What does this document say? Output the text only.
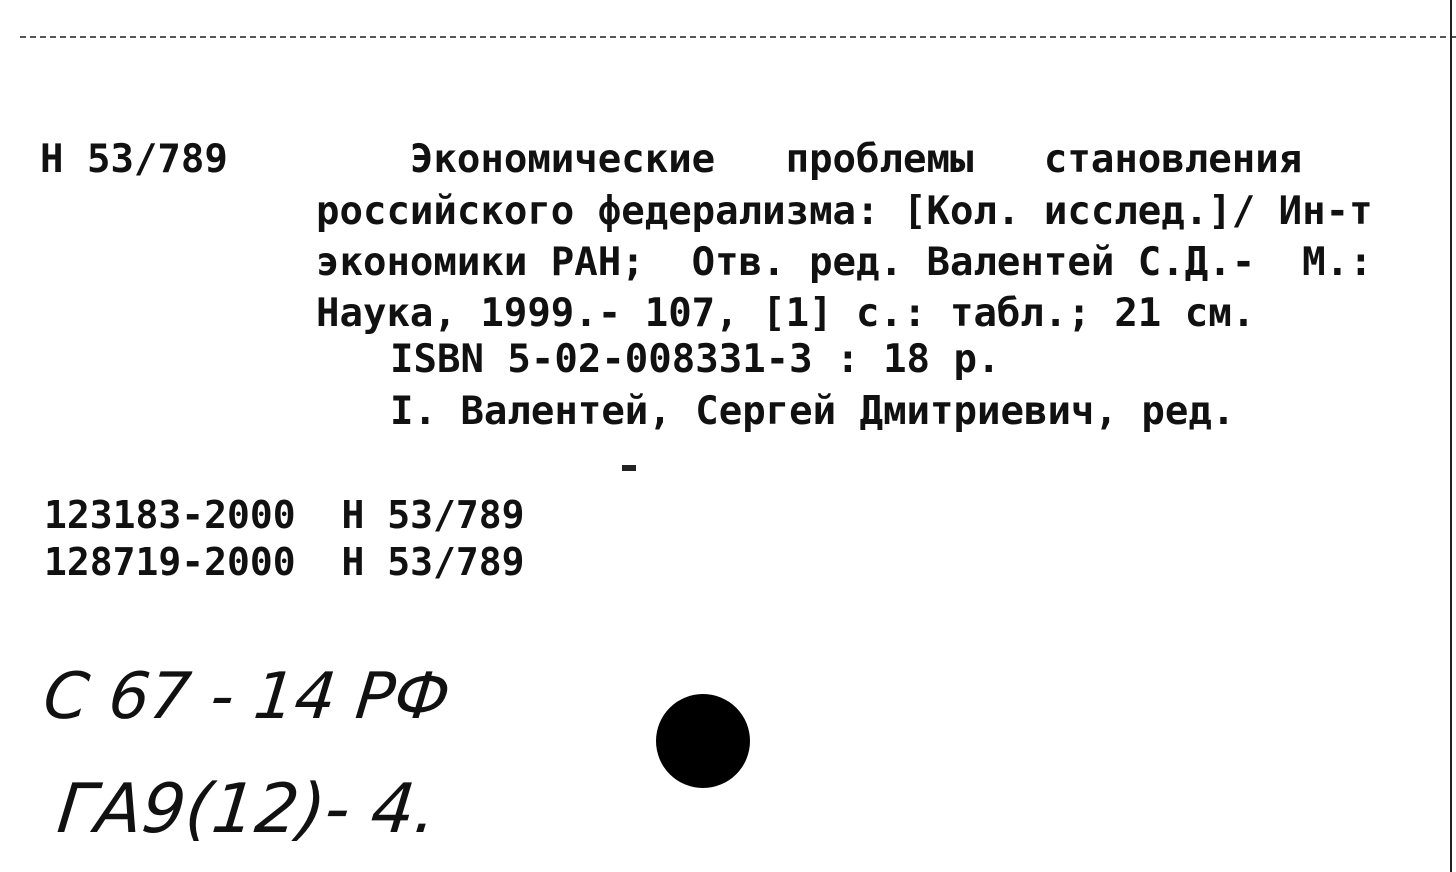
Н 53/789 Экономические   проблемы   становления
российского федерализма: [Кол. исслед.]/ Ин-т
экономики РАН;  Отв. ред. Валентей С.Д.-  М.:
Наука, 1999.- 107, [1] с.: табл.; 21 см.
ISBN 5-02-008331-3 : 18 р.
I. Валентей, Сергей Дмитриевич, ред.
123183-2000 Н 53/789
128719-2000 Н 53/789
С 67 - 14 РФ
ГА9(12)- 4.
